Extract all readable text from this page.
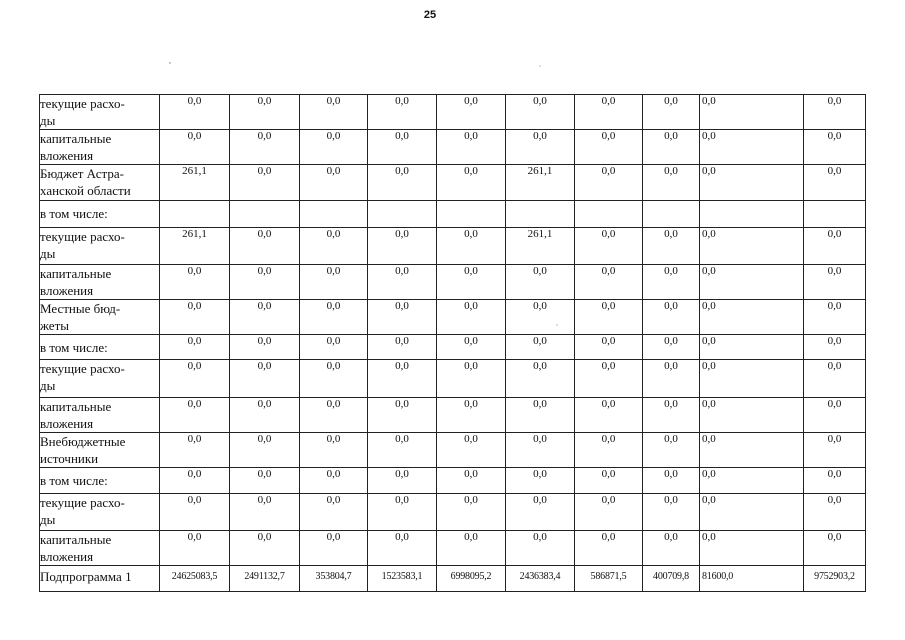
25
текущие расхо-
ды	0,0	0,0	0,0	0,0	0,0	0,0	0,0	0,0	0,0	0,0
капитальные
вложения	0,0	0,0	0,0	0,0	0,0	0,0	0,0	0,0	0,0	0,0
Бюджет Астра-
ханской области	261,1	0,0	0,0	0,0	0,0	261,1	0,0	0,0	0,0	0,0
в том числе:										
текущие расхо-
ды	261,1	0,0	0,0	0,0	0,0	261,1	0,0	0,0	0,0	0,0
капитальные
вложения	0,0	0,0	0,0	0,0	0,0	0,0	0,0	0,0	0,0	0,0
Местные бюд-
жеты	0,0	0,0	0,0	0,0	0,0	0,0	0,0	0,0	0,0	0,0
в том числе:	0,0	0,0	0,0	0,0	0,0	0,0	0,0	0,0	0,0	0,0
текущие расхо-
ды	0,0	0,0	0,0	0,0	0,0	0,0	0,0	0,0	0,0	0,0
капитальные
вложения	0,0	0,0	0,0	0,0	0,0	0,0	0,0	0,0	0,0	0,0
Внебюджетные
источники	0,0	0,0	0,0	0,0	0,0	0,0	0,0	0,0	0,0	0,0
в том числе:	0,0	0,0	0,0	0,0	0,0	0,0	0,0	0,0	0,0	0,0
текущие расхо-
ды	0,0	0,0	0,0	0,0	0,0	0,0	0,0	0,0	0,0	0,0
капитальные
вложения	0,0	0,0	0,0	0,0	0,0	0,0	0,0	0,0	0,0	0,0
Подпрограмма 1	24625083,5	2491132,7	353804,7	1523583,1	6998095,2	2436383,4	586871,5	400709,8	81600,0	9752903,2
